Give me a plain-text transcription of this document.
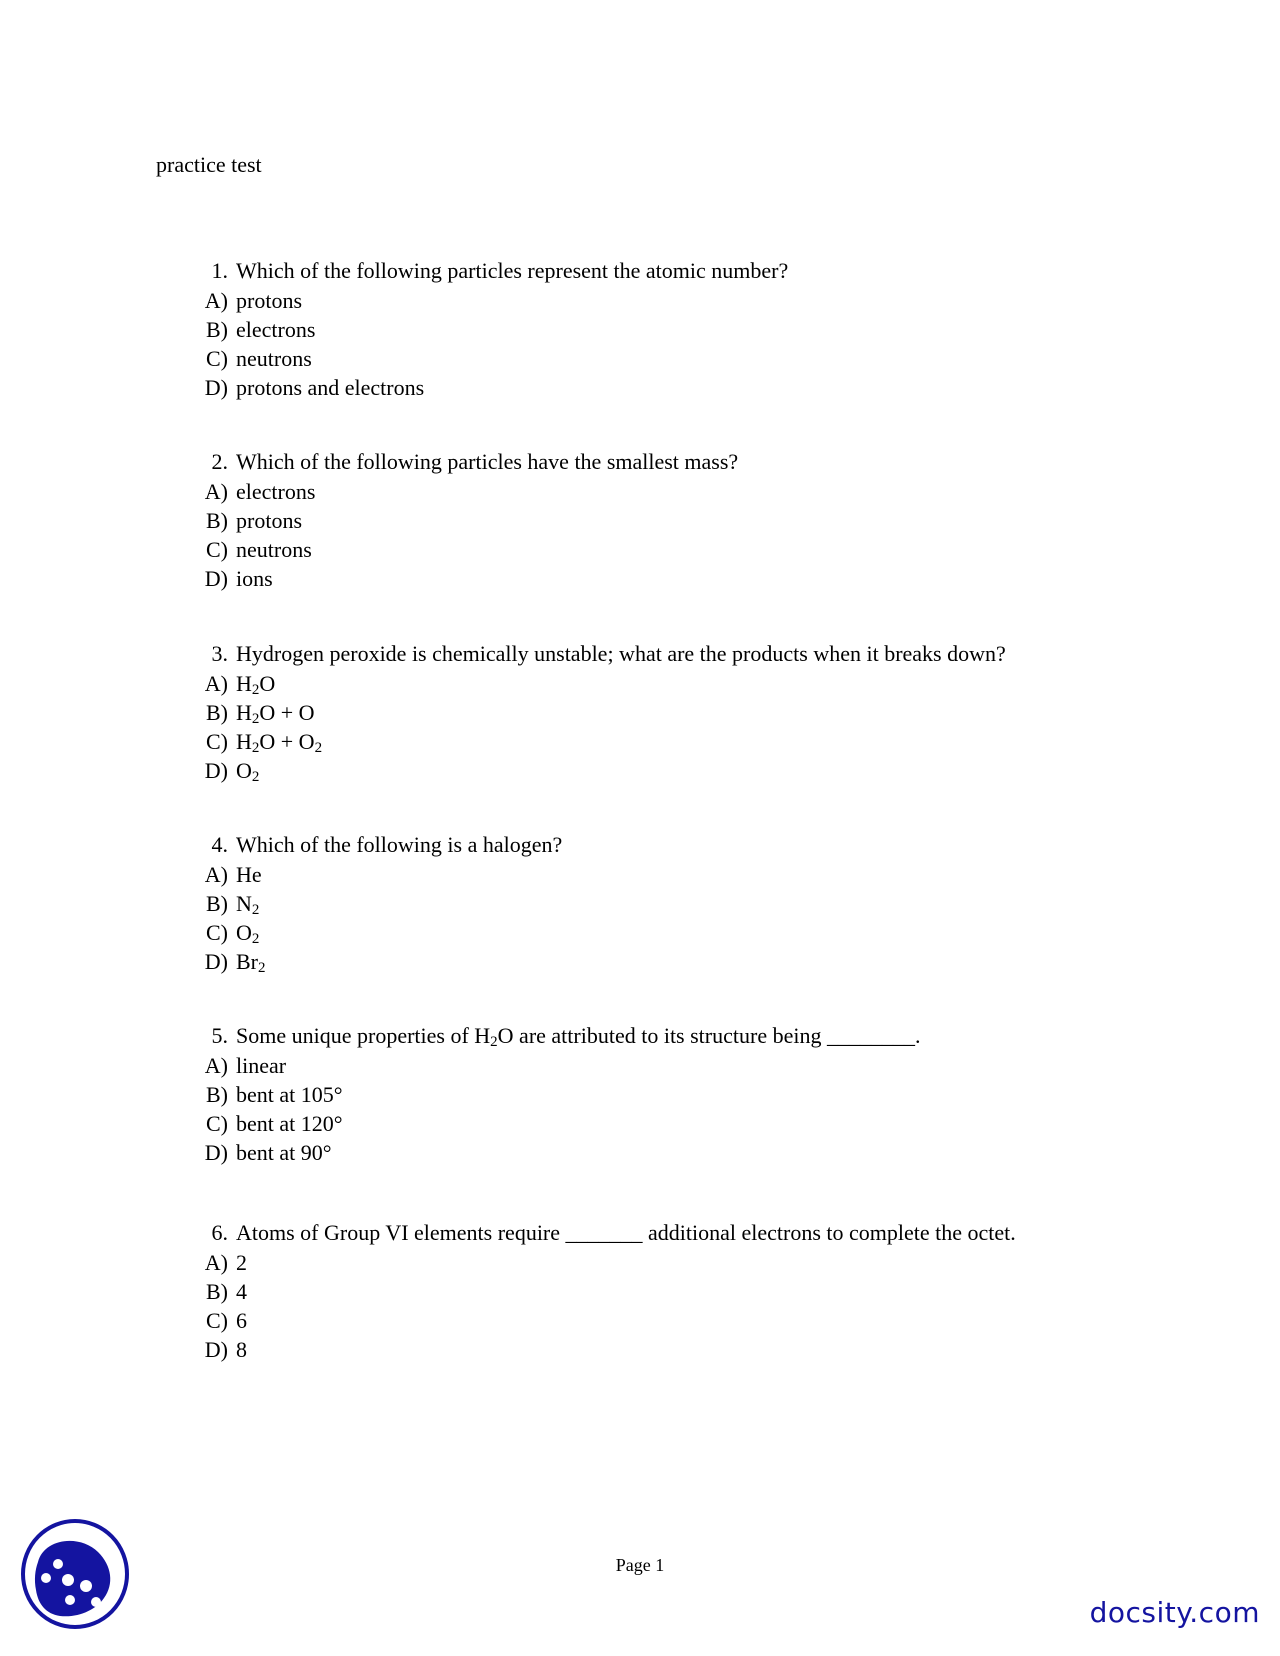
practice test
1. Which of the following particles represent the atomic number?
A) protons
B) electrons
C) neutrons
D) protons and electrons
2. Which of the following particles have the smallest mass?
A) electrons
B) protons
C) neutrons
D) ions
3. Hydrogen peroxide is chemically unstable; what are the products when it breaks down?
A) $H_2O$
B) $H_2O + O$
C) $H_2O + O_2$
D) $O_2$
4. Which of the following is a halogen?
A) He
B) $N_2$
C) $O_2$
D) $Br_2$
5. Some unique properties of $H_2O$ are attributed to its structure being ________.
A) linear
B) bent at 105°
C) bent at 120°
D) bent at 90°
6. Atoms of Group VI elements require _______ additional electrons to complete the octet.
A) 2
B) 4
C) 6
D) 8
Page 1
docsity.com
